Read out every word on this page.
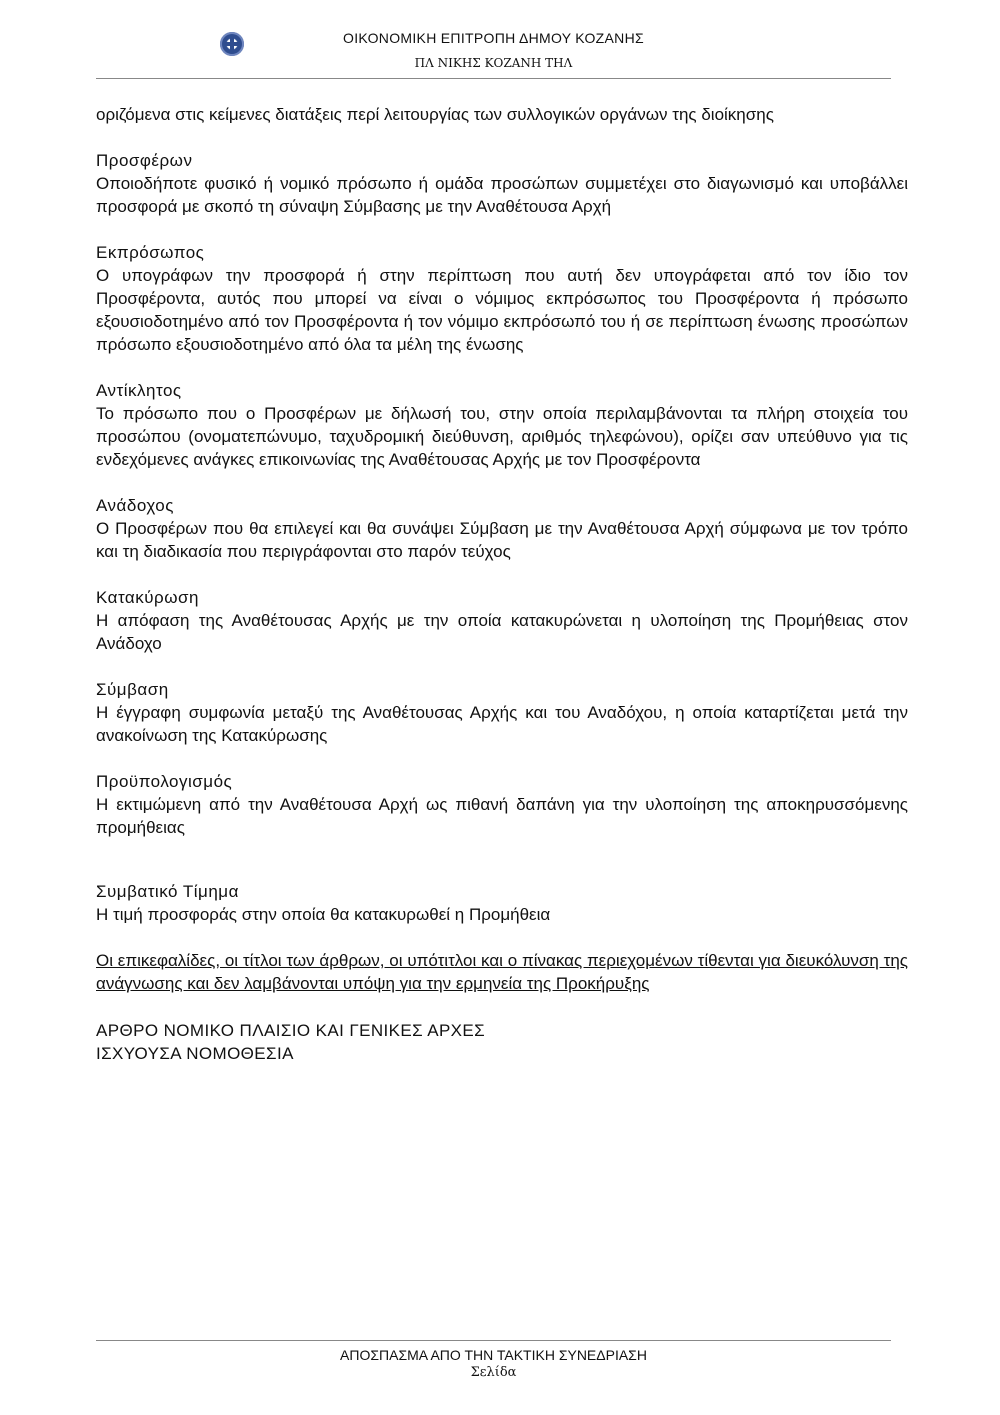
ΟΙΚΟΝΟΜΙΚΗ ΕΠΙΤΡΟΠΗ ΔΗΜΟΥ ΚΟΖΑΝΗΣ
ΠΛ ΝΙΚΗΣ ΚΟΖΑΝΗ ΤΗΛ
οριζόμενα στις κείμενες διατάξεις περί λειτουργίας των συλλογικών οργάνων της διοίκησης
Προσφέρων
Οποιοδήποτε φυσικό ή νομικό πρόσωπο ή ομάδα προσώπων συμμετέχει στο διαγωνισμό και υποβάλλει προσφορά με σκοπό τη σύναψη Σύμβασης με την Αναθέτουσα Αρχή
Εκπρόσωπος
Ο υπογράφων την προσφορά ή στην περίπτωση που αυτή δεν υπογράφεται από τον ίδιο τον Προσφέροντα, αυτός που μπορεί να είναι ο νόμιμος εκπρόσωπος του Προσφέροντα ή πρόσωπο εξουσιοδοτημένο από τον Προσφέροντα ή τον νόμιμο εκπρόσωπό του ή σε περίπτωση ένωσης προσώπων πρόσωπο εξουσιοδοτημένο από όλα τα μέλη της ένωσης
Αντίκλητος
Το πρόσωπο που ο Προσφέρων με δήλωσή του, στην οποία περιλαμβάνονται τα πλήρη στοιχεία του προσώπου (ονοματεπώνυμο, ταχυδρομική διεύθυνση, αριθμός τηλεφώνου), ορίζει σαν υπεύθυνο για τις ενδεχόμενες ανάγκες επικοινωνίας της Αναθέτουσας Αρχής με τον Προσφέροντα
Ανάδοχος
Ο Προσφέρων που θα επιλεγεί και θα συνάψει Σύμβαση με την Αναθέτουσα Αρχή σύμφωνα με τον τρόπο και τη διαδικασία που περιγράφονται στο παρόν τεύχος
Κατακύρωση
Η απόφαση της Αναθέτουσας Αρχής με την οποία κατακυρώνεται η υλοποίηση της Προμήθειας στον Ανάδοχο
Σύμβαση
Η έγγραφη συμφωνία μεταξύ της Αναθέτουσας Αρχής και του Αναδόχου, η οποία καταρτίζεται μετά την ανακοίνωση της Κατακύρωσης
Προϋπολογισμός
Η εκτιμώμενη από την Αναθέτουσα Αρχή ως πιθανή δαπάνη για την υλοποίηση της αποκηρυσσόμενης προμήθειας
Συμβατικό Τίμημα
Η τιμή προσφοράς στην οποία θα κατακυρωθεί η Προμήθεια
Οι επικεφαλίδες, οι τίτλοι των άρθρων, οι υπότιτλοι και ο πίνακας περιεχομένων τίθενται για διευκόλυνση της ανάγνωσης και δεν λαμβάνονται υπόψη για την ερμηνεία της Προκήρυξης
ΑΡΘΡΟ ΝΟΜΙΚΟ ΠΛΑΙΣΙΟ ΚΑΙ ΓΕΝΙΚΕΣ ΑΡΧΕΣ
ΙΣΧΥΟΥΣΑ ΝΟΜΟΘΕΣΙΑ
ΑΠΟΣΠΑΣΜΑ ΑΠΟ ΤΗΝ ΤΑΚΤΙΚΗ ΣΥΝΕΔΡΙΑΣΗ
Σελίδα
